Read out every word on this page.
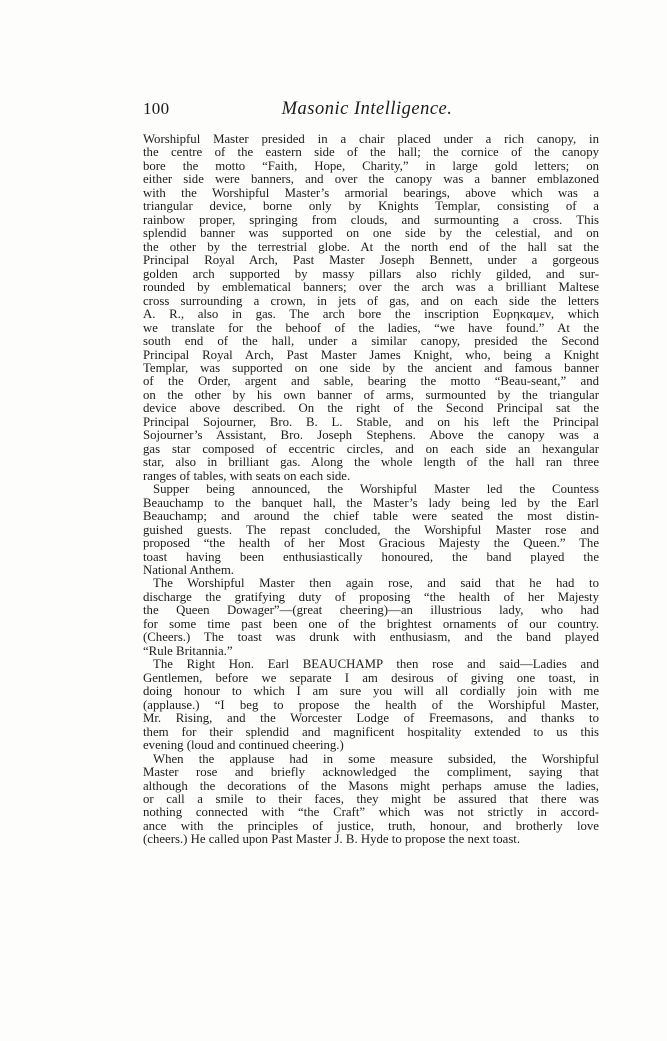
100	Masonic Intelligence.
Worshipful Master presided in a chair placed under a rich canopy, in
the centre of the eastern side of the hall; the cornice of the canopy
bore the motto “Faith, Hope, Charity,” in large gold letters; on
either side were banners, and over the canopy was a banner emblazoned
with the Worshipful Master’s armorial bearings, above which was a
triangular device, borne only by Knights Templar, consisting of a
rainbow proper, springing from clouds, and surmounting a cross. This
splendid banner was supported on one side by the celestial, and on
the other by the terrestrial globe. At the north end of the hall sat the
Principal Royal Arch, Past Master Joseph Bennett, under a gorgeous
golden arch supported by massy pillars also richly gilded, and sur-
rounded by emblematical banners; over the arch was a brilliant Maltese
cross surrounding a crown, in jets of gas, and on each side the letters
A. R., also in gas. The arch bore the inscription Ευρηκαμεν, which
we translate for the behoof of the ladies, “we have found.” At the
south end of the hall, under a similar canopy, presided the Second
Principal Royal Arch, Past Master James Knight, who, being a Knight
Templar, was supported on one side by the ancient and famous banner
of the Order, argent and sable, bearing the motto “Beau-seant,” and
on the other by his own banner of arms, surmounted by the triangular
device above described. On the right of the Second Principal sat the
Principal Sojourner, Bro. B. L. Stable, and on his left the Principal
Sojourner’s Assistant, Bro. Joseph Stephens. Above the canopy was a
gas star composed of eccentric circles, and on each side an hexangular
star, also in brilliant gas. Along the whole length of the hall ran three
ranges of tables, with seats on each side.
Supper being announced, the Worshipful Master led the Countess
Beauchamp to the banquet hall, the Master’s lady being led by the Earl
Beauchamp; and around the chief table were seated the most distin-
guished guests. The repast concluded, the Worshipful Master rose and
proposed “the health of her Most Gracious Majesty the Queen.” The
toast having been enthusiastically honoured, the band played the
National Anthem.
The Worshipful Master then again rose, and said that he had to
discharge the gratifying duty of proposing “the health of her Majesty
the Queen Dowager”—(great cheering)—an illustrious lady, who had
for some time past been one of the brightest ornaments of our country.
(Cheers.) The toast was drunk with enthusiasm, and the band played
“Rule Britannia.”
The Right Hon. Earl BEAUCHAMP then rose and said—Ladies and
Gentlemen, before we separate I am desirous of giving one toast, in
doing honour to which I am sure you will all cordially join with me
(applause.) “I beg to propose the health of the Worshipful Master,
Mr. Rising, and the Worcester Lodge of Freemasons, and thanks to
them for their splendid and magnificent hospitality extended to us this
evening (loud and continued cheering.)
When the applause had in some measure subsided, the Worshipful
Master rose and briefly acknowledged the compliment, saying that
although the decorations of the Masons might perhaps amuse the ladies,
or call a smile to their faces, they might be assured that there was
nothing connected with “the Craft” which was not strictly in accord-
ance with the principles of justice, truth, honour, and brotherly love
(cheers.) He called upon Past Master J. B. Hyde to propose the next toast.
